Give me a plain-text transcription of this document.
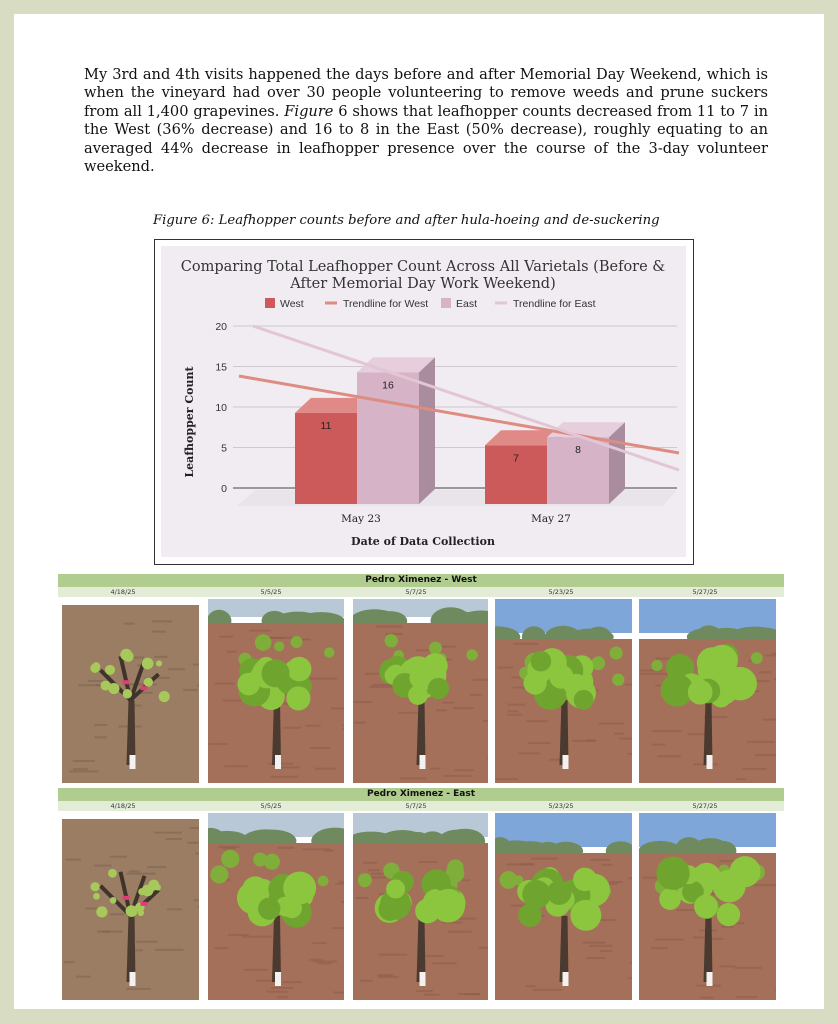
My 3rd and 4th visits happened the days before and after Memorial Day Weekend, which is when the vineyard had over 30 people volunteering to remove weeds and prune suckers from all 1,400 grapevines. Figure 6 shows that leafhopper counts decreased from 11 to 7 in the West (36% decrease) and 16 to 8 in the East (50% decrease), roughly equating to an averaged 44% decrease in leafhopper presence over the course of the 3-day volunteer weekend.

Figure 6: Leafhopper counts before and after hula-hoeing and de-suckering
Comparing Total Leafhopper Count Across All Varietals (Before &
After Memorial Day Work Weekend)
West	Trendline for West	East	Trendline for East
20
15
10
5
0
11
16
7
8
May 23	May 27
Date of Data Collection
Leafhopper Count
Pedro Ximenez - West
4/18/25	5/5/25	5/7/25	5/23/25	5/27/25
Pedro Ximenez - East
4/18/25	5/5/25	5/7/25	5/23/25	5/27/25
